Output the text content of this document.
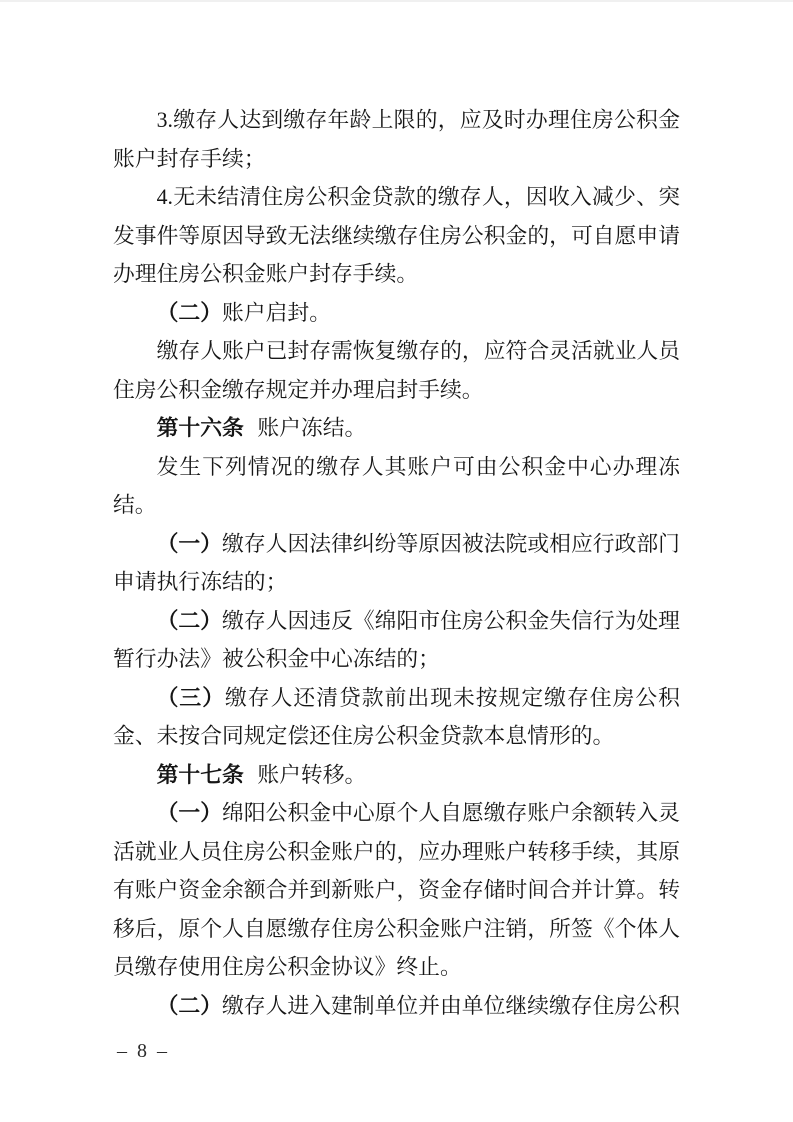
3.缴存人达到缴存年龄上限的，应及时办理住房公积金账户封存手续；

4.无未结清住房公积金贷款的缴存人，因收入减少、突发事件等原因导致无法继续缴存住房公积金的，可自愿申请办理住房公积金账户封存手续。

（二）账户启封。

缴存人账户已封存需恢复缴存的，应符合灵活就业人员住房公积金缴存规定并办理启封手续。

第十六条 账户冻结。

发生下列情况的缴存人其账户可由公积金中心办理冻结。

（一）缴存人因法律纠纷等原因被法院或相应行政部门申请执行冻结的；

（二）缴存人因违反《绵阳市住房公积金失信行为处理暂行办法》被公积金中心冻结的；

（三）缴存人还清贷款前出现未按规定缴存住房公积金、未按合同规定偿还住房公积金贷款本息情形的。

第十七条 账户转移。

（一）绵阳公积金中心原个人自愿缴存账户余额转入灵活就业人员住房公积金账户的，应办理账户转移手续，其原有账户资金余额合并到新账户，资金存储时间合并计算。转移后，原个人自愿缴存住房公积金账户注销，所签《个体人员缴存使用住房公积金协议》终止。

（二）缴存人进入建制单位并由单位继续缴存住房公积

– 8 –
